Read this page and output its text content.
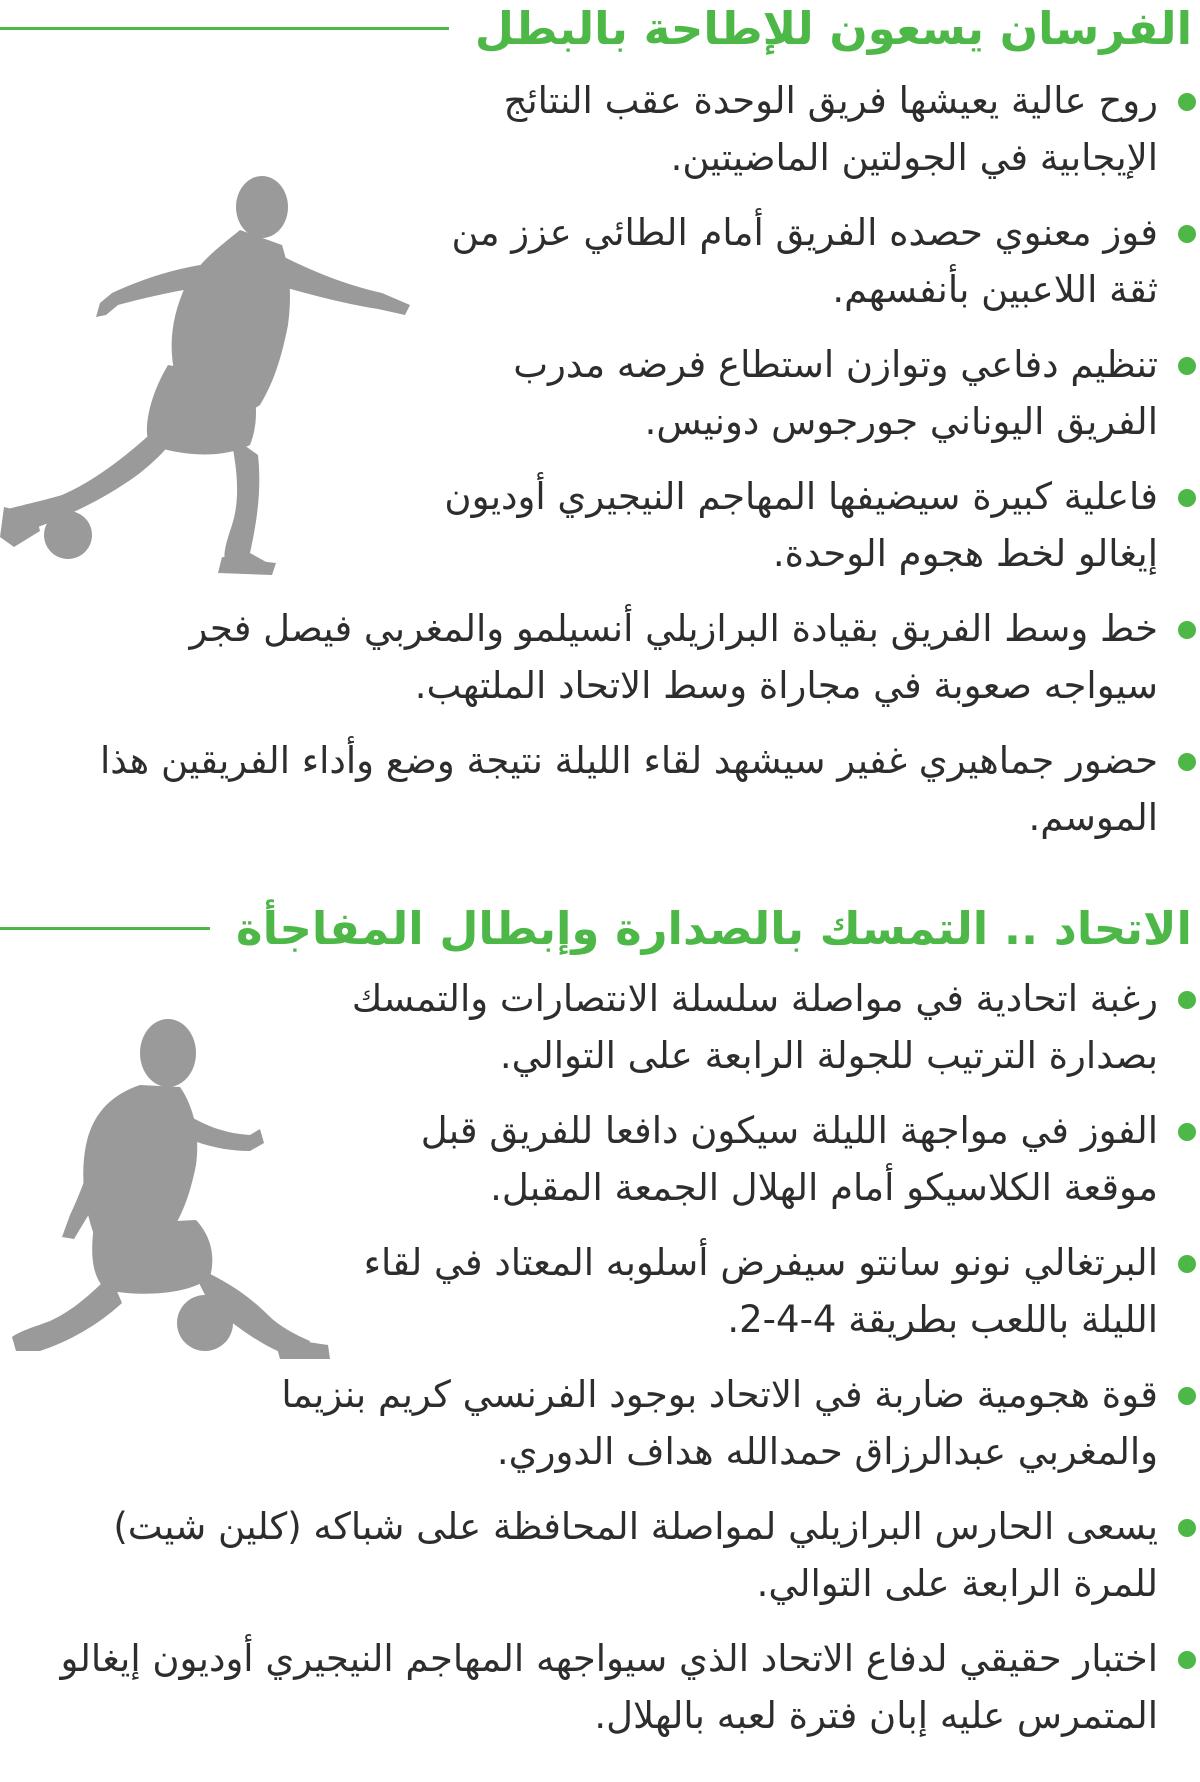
الفرسان يسعون للإطاحة بالبطل
روح عالية يعيشها فريق الوحدة عقب النتائج الإيجابية في الجولتين الماضيتين.
فوز معنوي حصده الفريق أمام الطائي عزز من ثقة اللاعبين بأنفسهم.
تنظيم دفاعي وتوازن استطاع فرضه مدرب الفريق اليوناني جورجوس دونيس.
فاعلية كبيرة سيضيفها المهاجم النيجيري أوديون إيغالو لخط هجوم الوحدة.
خط وسط الفريق بقيادة البرازيلي أنسيلمو والمغربي فيصل فجر سيواجه صعوبة في مجاراة وسط الاتحاد الملتهب.
حضور جماهيري غفير سيشهد لقاء الليلة نتيجة وضع وأداء الفريقين هذا الموسم.
الاتحاد .. التمسك بالصدارة وإبطال المفاجأة
رغبة اتحادية في مواصلة سلسلة الانتصارات والتمسك بصدارة الترتيب للجولة الرابعة على التوالي.
الفوز في مواجهة الليلة سيكون دافعا للفريق قبل موقعة الكلاسيكو أمام الهلال الجمعة المقبل.
البرتغالي نونو سانتو سيفرض أسلوبه المعتاد في لقاء الليلة باللعب بطريقة 4-4-2.
قوة هجومية ضاربة في الاتحاد بوجود الفرنسي كريم بنزيما والمغربي عبدالرزاق حمدالله هداف الدوري.
يسعى الحارس البرازيلي لمواصلة المحافظة على شباكه (كلين شيت) للمرة الرابعة على التوالي.
اختبار حقيقي لدفاع الاتحاد الذي سيواجهه المهاجم النيجيري أوديون إيغالو المتمرس عليه إبان فترة لعبه بالهلال.
